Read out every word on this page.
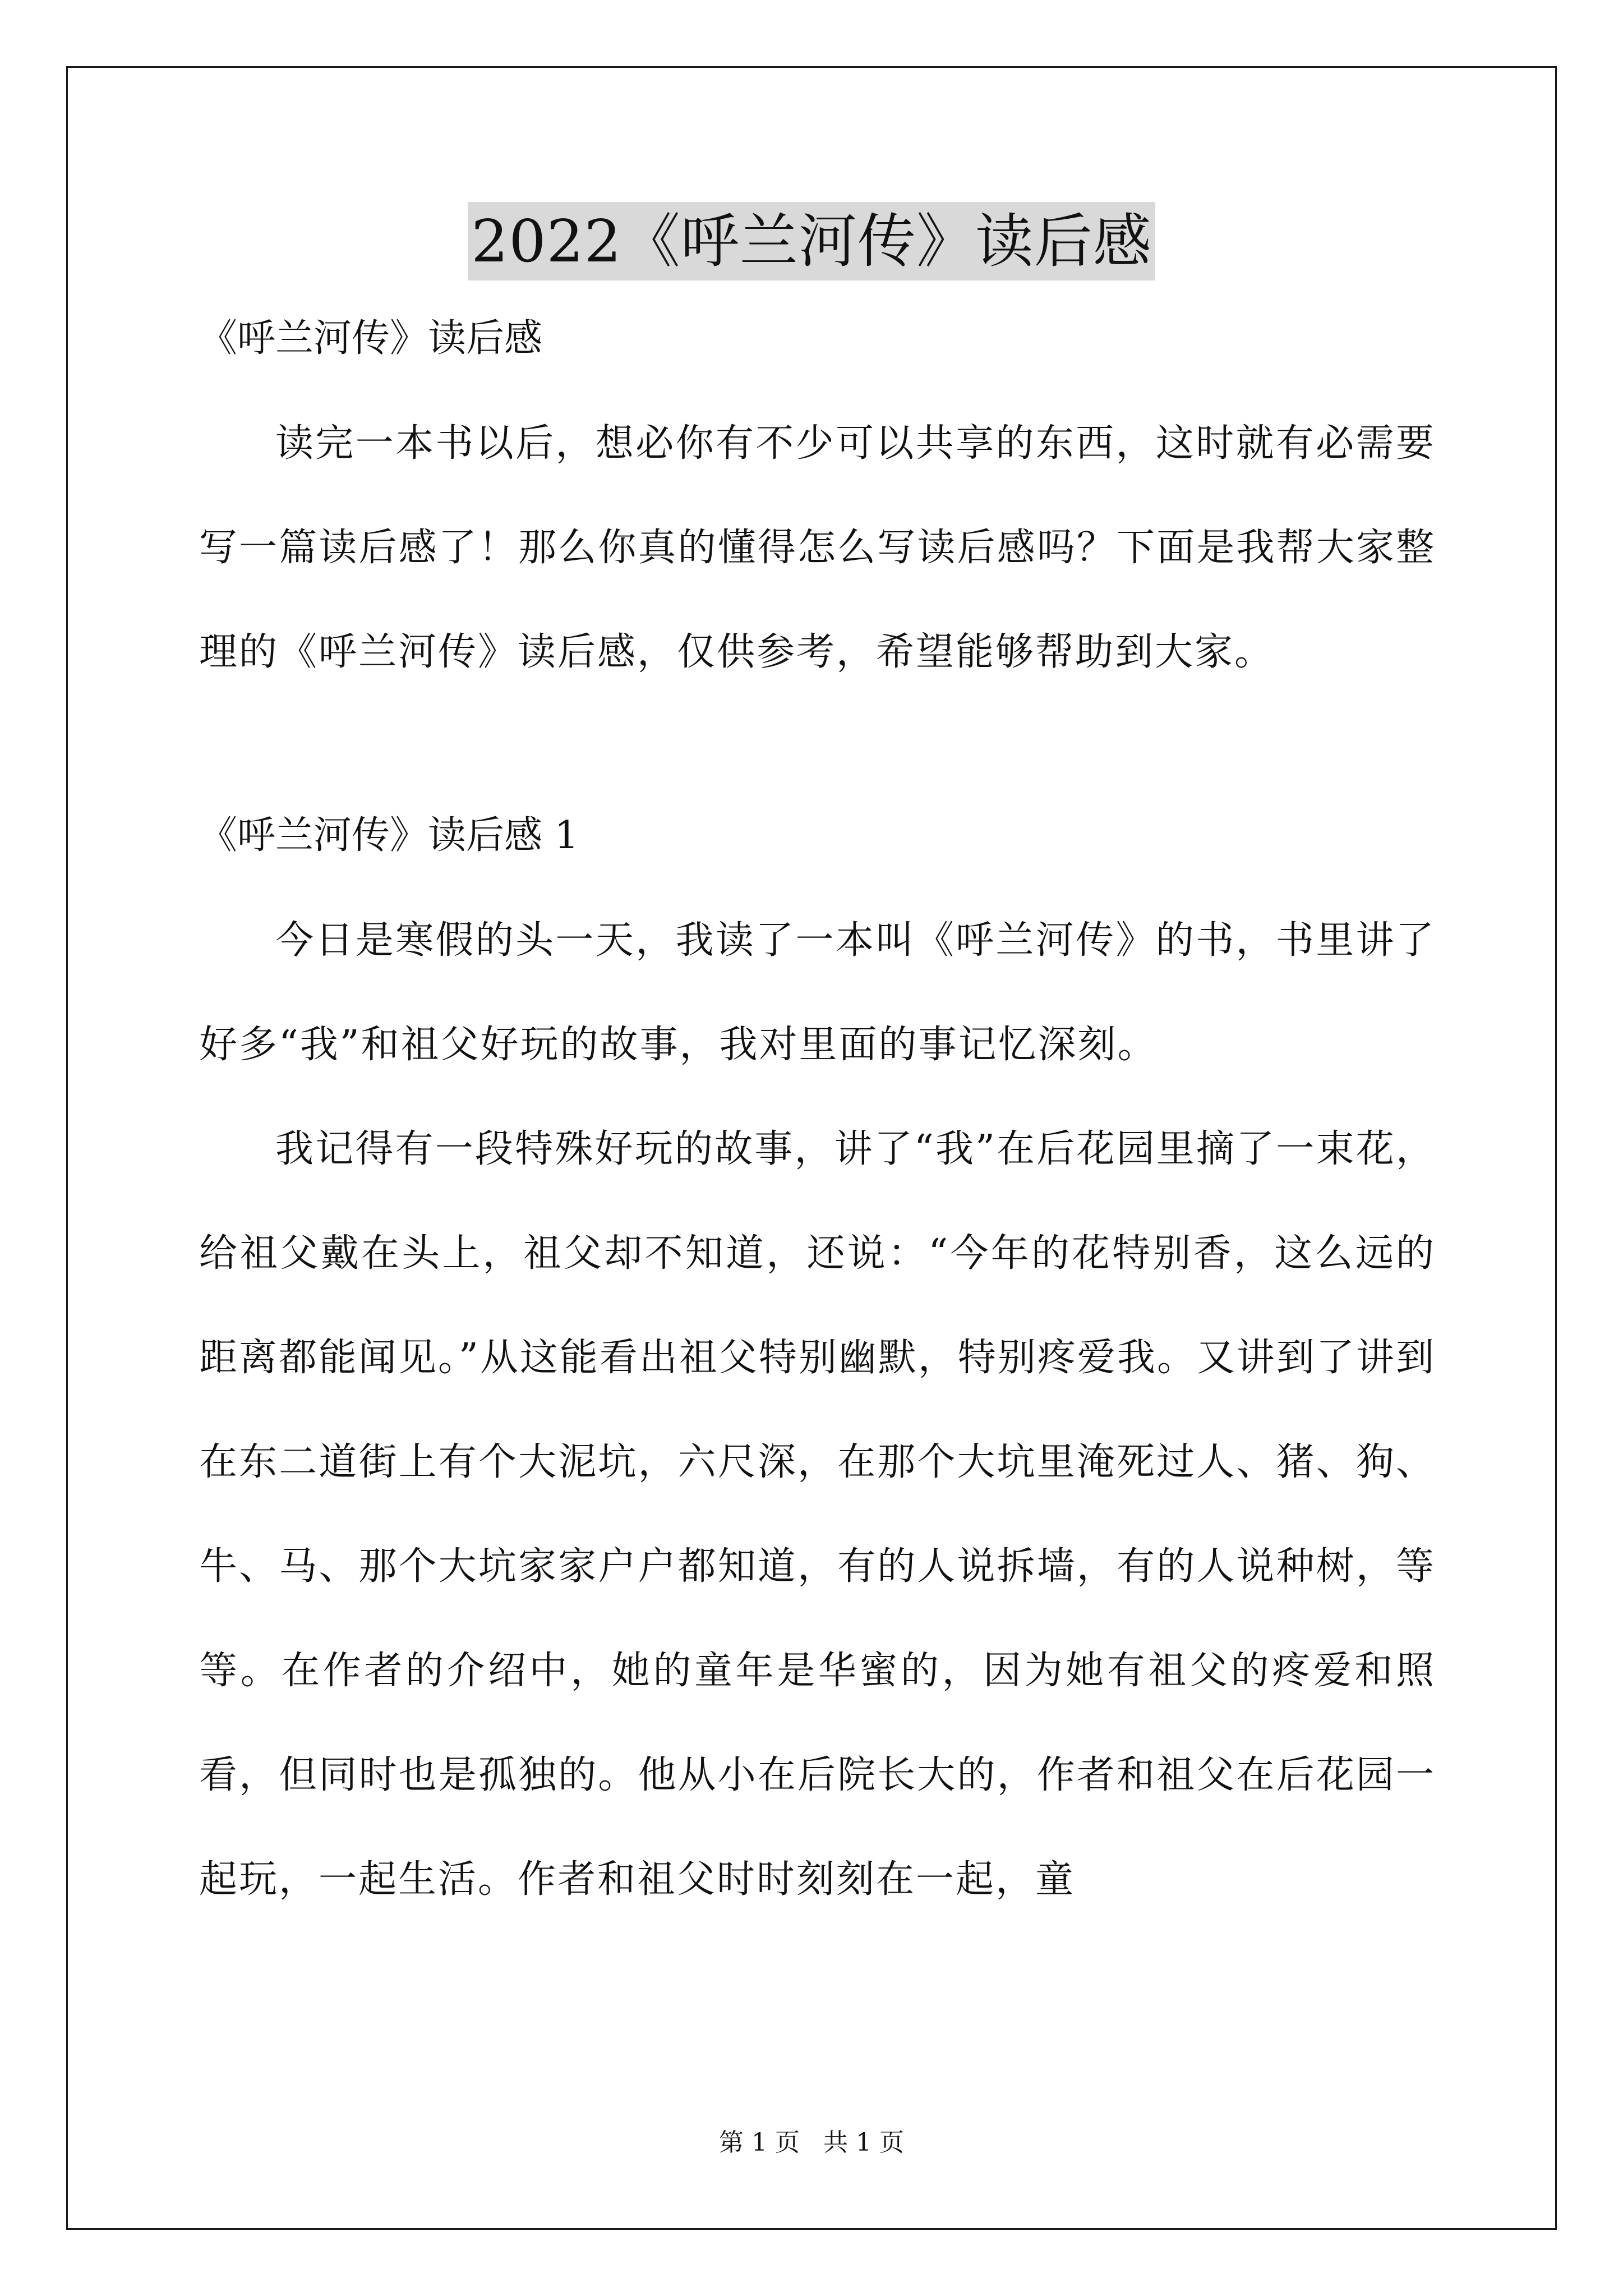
2022《呼兰河传》读后感

《呼兰河传》读后感

读完一本书以后，想必你有不少可以共享的东西，这时就有必需要写一篇读后感了！那么你真的懂得怎么写读后感吗？下面是我帮大家整理的《呼兰河传》读后感，仅供参考，希望能够帮助到大家。

《呼兰河传》读后感 1

今日是寒假的头一天，我读了一本叫《呼兰河传》的书，书里讲了好多“我”和祖父好玩的故事，我对里面的事记忆深刻。

我记得有一段特殊好玩的故事，讲了“我”在后花园里摘了一束花，给祖父戴在头上，祖父却不知道，还说：“今年的花特别香，这么远的距离都能闻见。”从这能看出祖父特别幽默，特别疼爱我。又讲到了讲到在东二道街上有个大泥坑，六尺深，在那个大坑里淹死过人、猪、狗、牛、马、那个大坑家家户户都知道，有的人说拆墙，有的人说种树，等等。在作者的介绍中，她的童年是华蜜的，因为她有祖父的疼爱和照看，但同时也是孤独的。他从小在后院长大的，作者和祖父在后花园一起玩，一起生活。作者和祖父时时刻刻在一起，童

第 1 页   共 1 页
